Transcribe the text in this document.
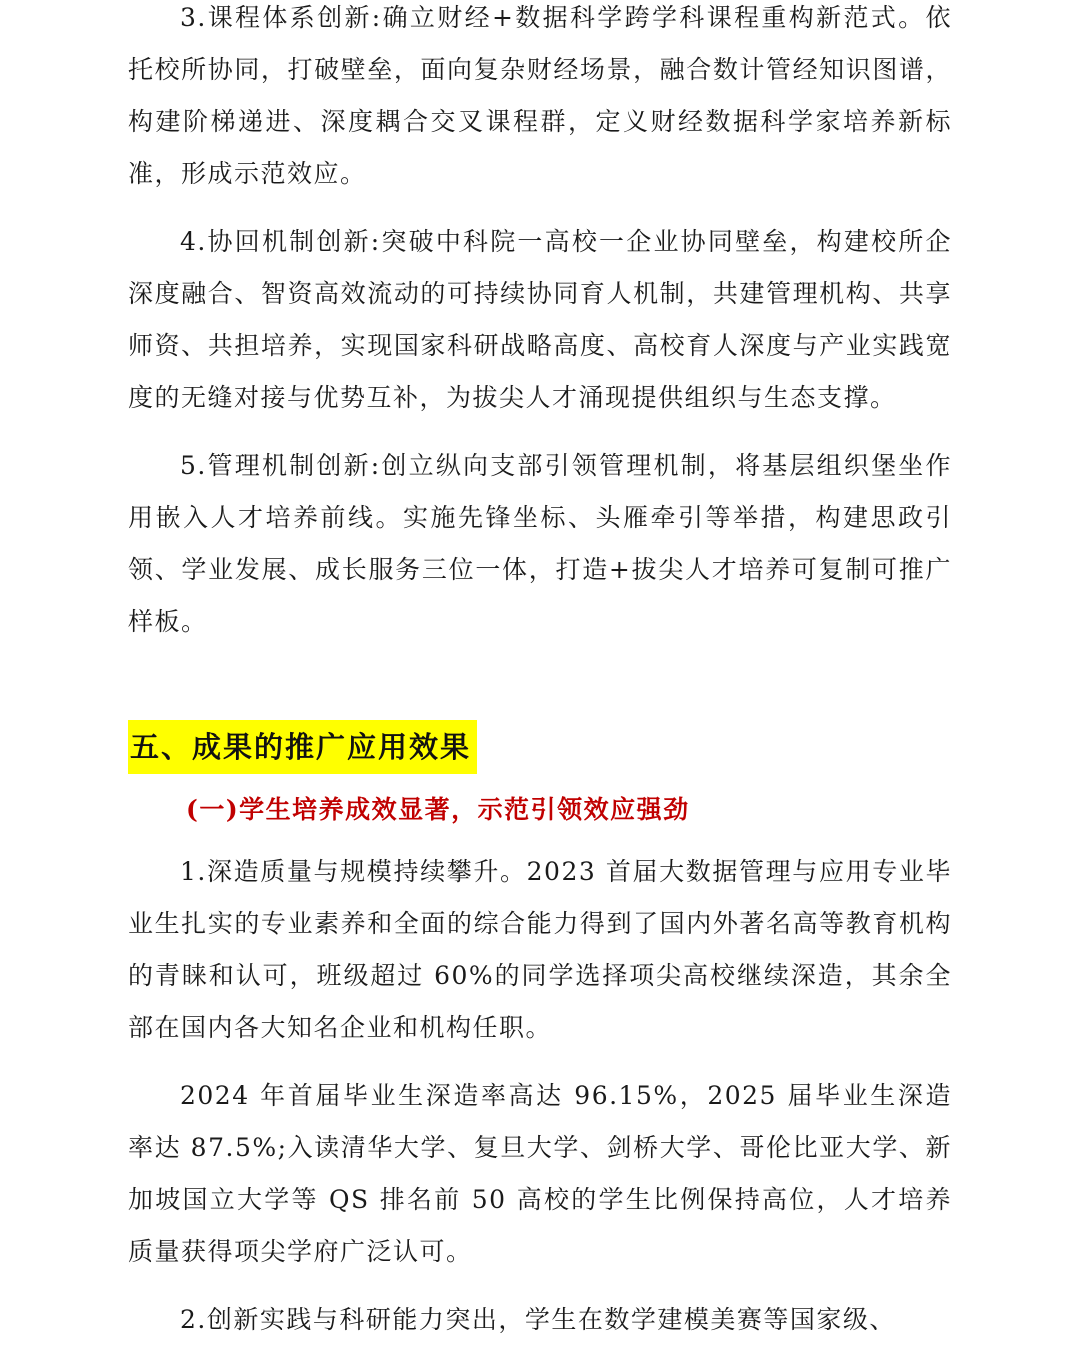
3.课程体系创新:确立财经+数据科学跨学科课程重构新范式。依托校所协同，打破壁垒，面向复杂财经场景，融合数计管经知识图谱，构建阶梯递进、深度耦合交叉课程群，定义财经数据科学家培养新标准，形成示范效应。

4.协回机制创新:突破中科院一高校一企业协同壁垒，构建校所企深度融合、智资高效流动的可持续协同育人机制，共建管理机构、共享师资、共担培养，实现国家科研战略高度、高校育人深度与产业实践宽度的无缝对接与优势互补，为拔尖人才涌现提供组织与生态支撑。

5.管理机制创新:创立纵向支部引领管理机制，将基层组织堡坐作用嵌入人才培养前线。实施先锋坐标、头雁牵引等举措，构建思政引领、学业发展、成长服务三位一体，打造+拔尖人才培养可复制可推广样板。

五、成果的推广应用效果
(一)学生培养成效显著，示范引领效应强劲

1.深造质量与规模持续攀升。2023 首届大数据管理与应用专业毕业生扎实的专业素养和全面的综合能力得到了国内外著名高等教育机构的青睐和认可，班级超过 60%的同学选择项尖高校继续深造，其余全部在国内各大知名企业和机构任职。

2024 年首届毕业生深造率高达 96.15%，2025 届毕业生深造率达 87.5%;入读清华大学、复旦大学、剑桥大学、哥伦比亚大学、新加坡国立大学等 QS 排名前 50 高校的学生比例保持高位，人才培养质量获得项尖学府广泛认可。

2.创新实践与科研能力突出，学生在数学建模美赛等国家级、
